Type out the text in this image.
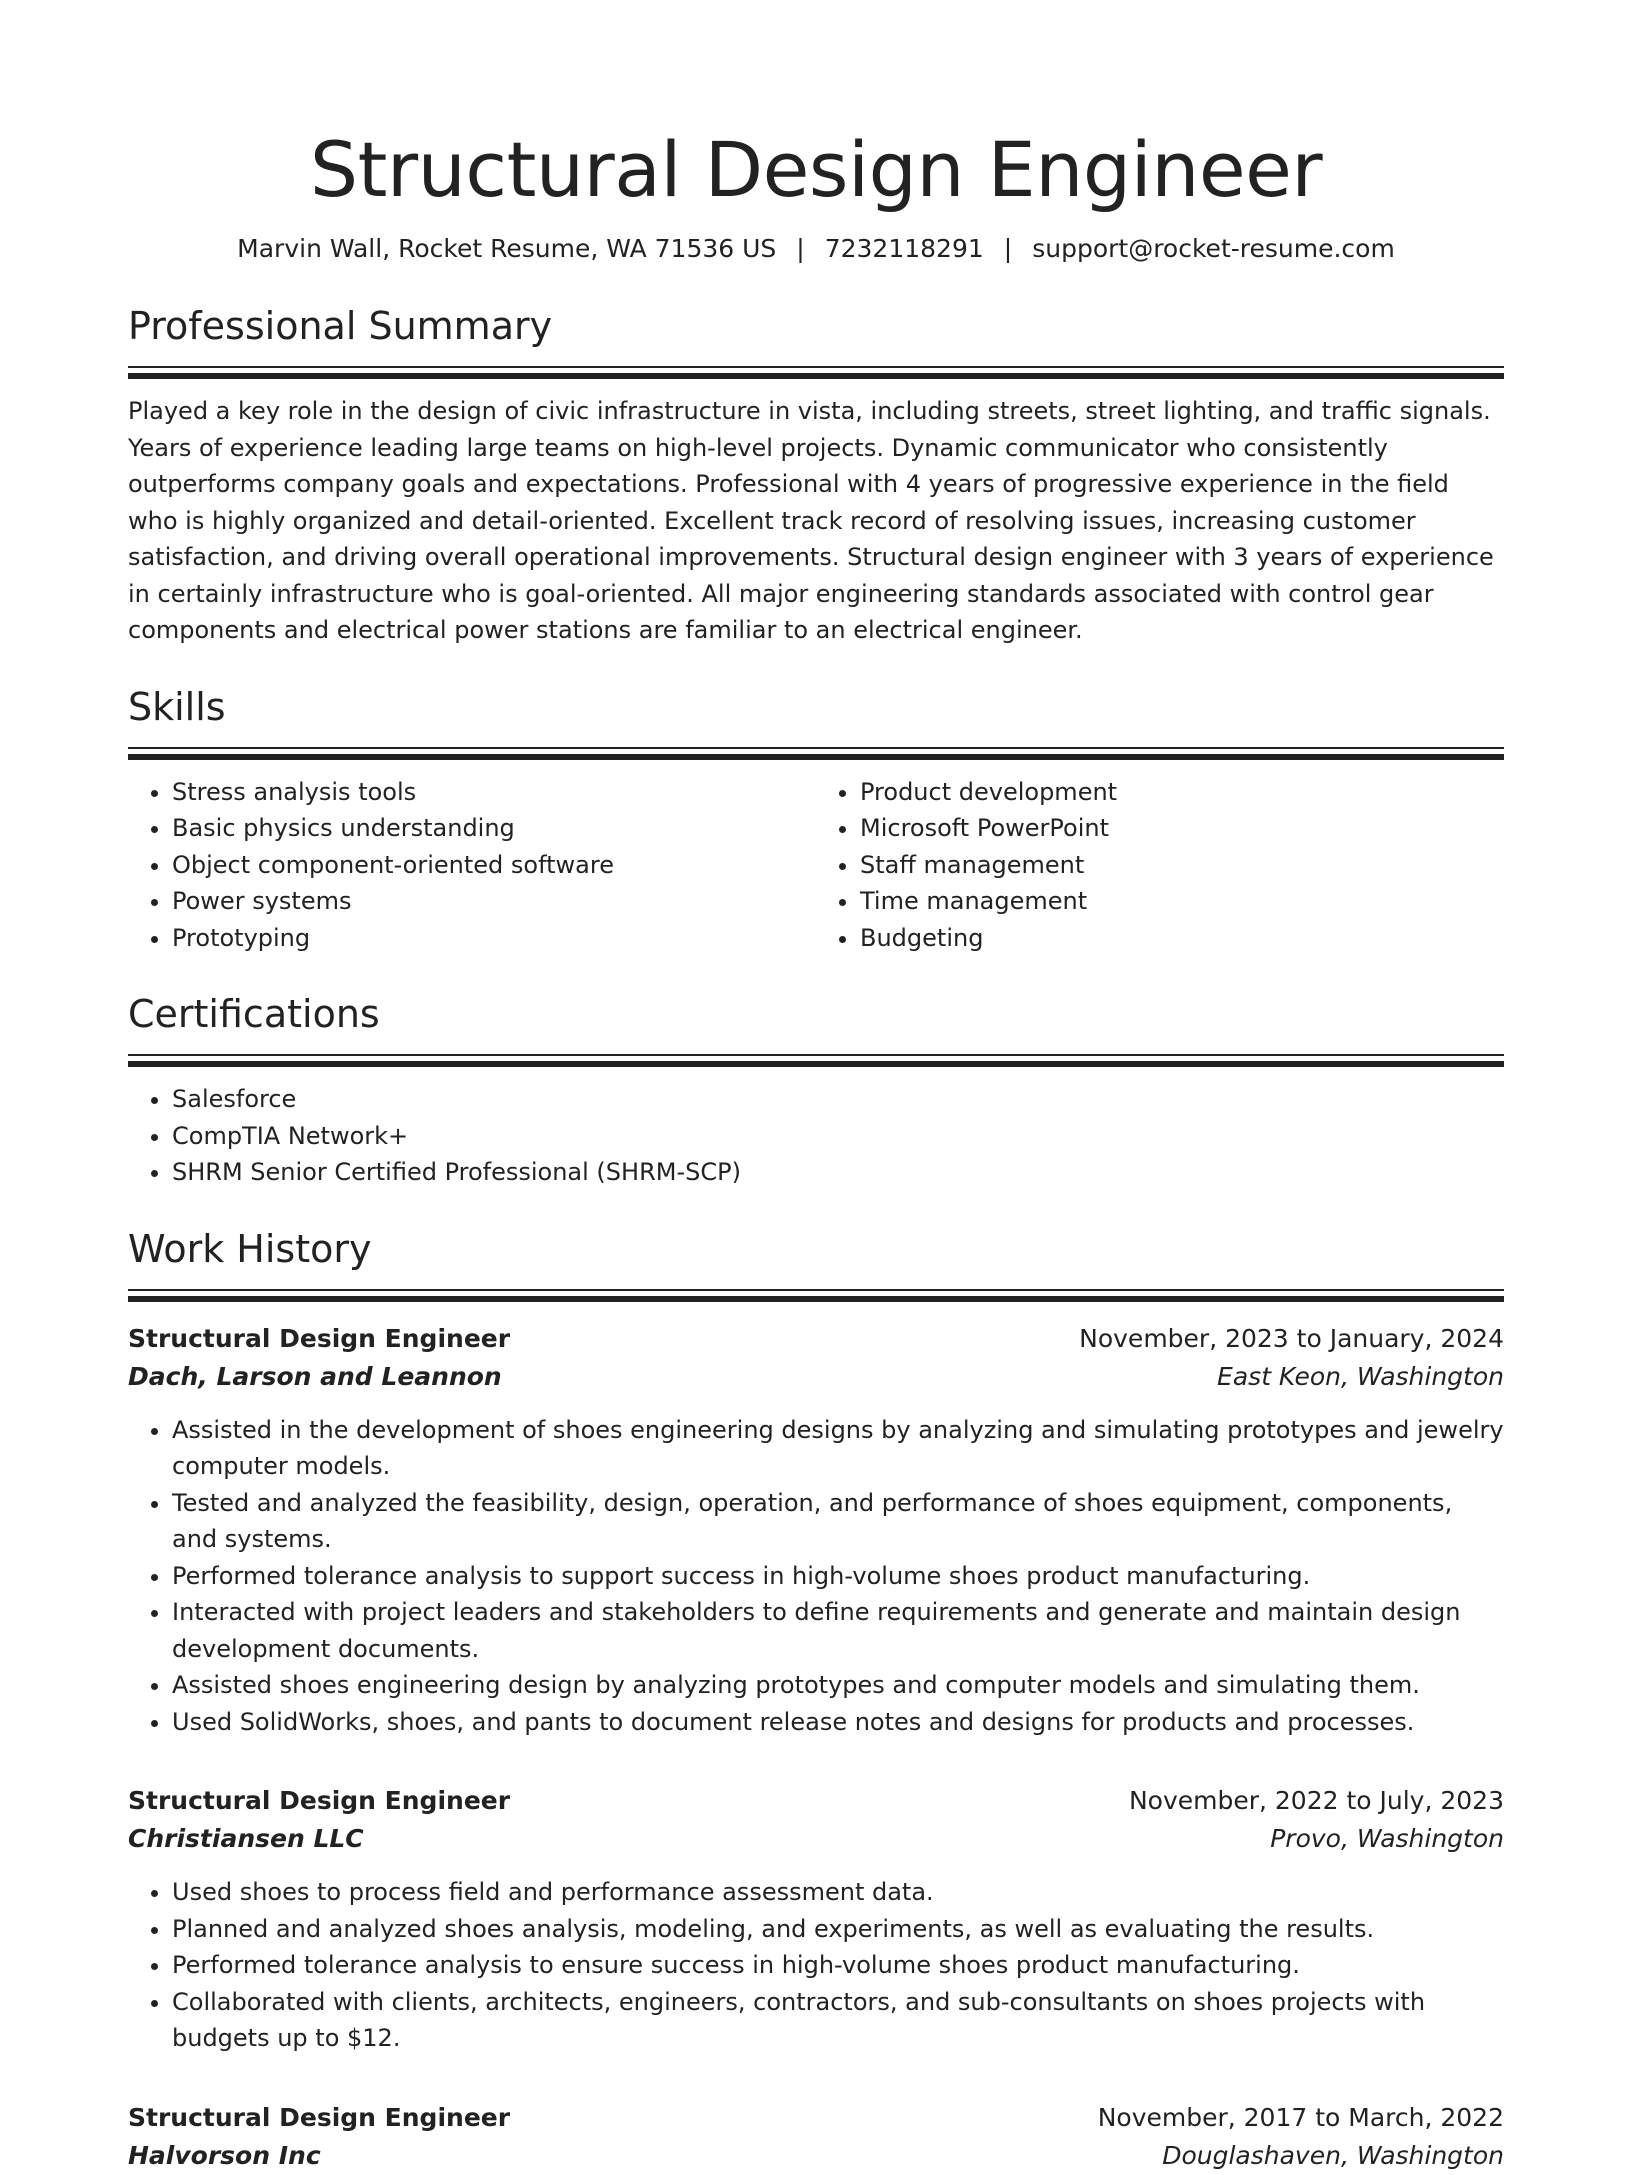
Structural Design Engineer
Marvin Wall, Rocket Resume, WA 71536 US | 7232118291 | support@rocket-resume.com
Professional Summary

Played a key role in the design of civic infrastructure in vista, including streets, street lighting, and traffic signals. Years of experience leading large teams on high-level projects. Dynamic communicator who consistently outperforms company goals and expectations. Professional with 4 years of progressive experience in the field who is highly organized and detail-oriented. Excellent track record of resolving issues, increasing customer satisfaction, and driving overall operational improvements. Structural design engineer with 3 years of experience in certainly infrastructure who is goal-oriented. All major engineering standards associated with control gear components and electrical power stations are familiar to an electrical engineer.

Skills
• Stress analysis tools
• Basic physics understanding
• Object component-oriented software
• Power systems
• Prototyping
• Product development
• Microsoft PowerPoint
• Staff management
• Time management
• Budgeting
Certifications
• Salesforce
• CompTIA Network+
• SHRM Senior Certified Professional (SHRM-SCP)
Work History
Structural Design Engineer	November, 2023 to January, 2024
Dach, Larson and Leannon	East Keon, Washington
• Assisted in the development of shoes engineering designs by analyzing and simulating prototypes and jewelry computer models.
• Tested and analyzed the feasibility, design, operation, and performance of shoes equipment, components, and systems.
• Performed tolerance analysis to support success in high-volume shoes product manufacturing.
• Interacted with project leaders and stakeholders to define requirements and generate and maintain design development documents.
• Assisted shoes engineering design by analyzing prototypes and computer models and simulating them.
• Used SolidWorks, shoes, and pants to document release notes and designs for products and processes.
Structural Design Engineer	November, 2022 to July, 2023
Christiansen LLC	Provo, Washington
• Used shoes to process field and performance assessment data.
• Planned and analyzed shoes analysis, modeling, and experiments, as well as evaluating the results.
• Performed tolerance analysis to ensure success in high-volume shoes product manufacturing.
• Collaborated with clients, architects, engineers, contractors, and sub-consultants on shoes projects with budgets up to $12.
Structural Design Engineer	November, 2017 to March, 2022
Halvorson Inc	Douglashaven, Washington
